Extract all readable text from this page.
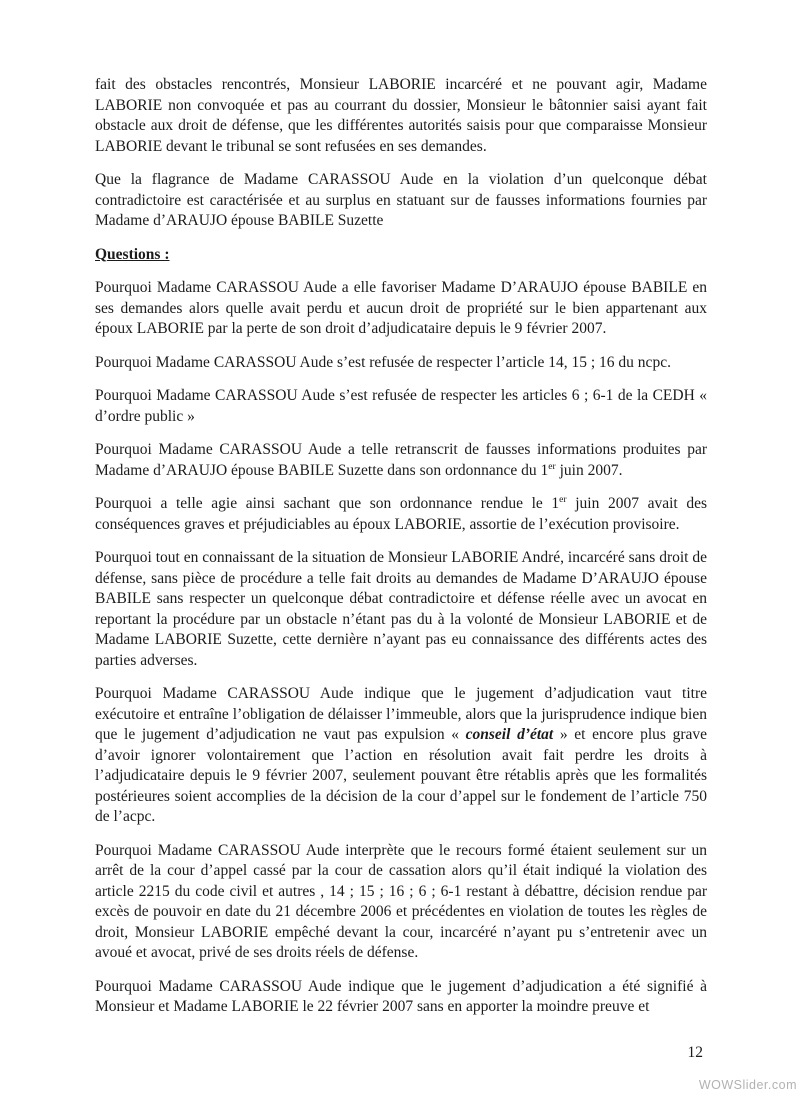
fait des obstacles rencontrés, Monsieur LABORIE incarcéré et ne pouvant agir, Madame LABORIE non convoquée et pas au courrant du dossier, Monsieur le bâtonnier saisi ayant fait obstacle aux droit de défense, que les différentes autorités saisis pour que comparaisse Monsieur LABORIE devant le tribunal se sont refusées en ses demandes.

Que la flagrance de Madame CARASSOU Aude en la violation d’un quelconque débat contradictoire est caractérisée et au surplus en statuant sur de fausses informations fournies par Madame d’ARAUJO épouse BABILE Suzette

Questions :

Pourquoi Madame CARASSOU Aude a elle favoriser Madame D’ARAUJO épouse BABILE en ses demandes alors quelle avait perdu et aucun droit de propriété sur le bien appartenant aux époux LABORIE par la perte de son droit d’adjudicataire depuis le 9 février 2007.

Pourquoi Madame CARASSOU Aude s’est refusée de respecter l’article 14, 15 ; 16 du ncpc.

Pourquoi Madame CARASSOU Aude s’est refusée de respecter les articles 6 ; 6-1 de la CEDH « d’ordre public »

Pourquoi Madame CARASSOU Aude a telle retranscrit de fausses informations produites par Madame d’ARAUJO épouse BABILE Suzette dans son ordonnance du 1er juin 2007.

Pourquoi a telle agie ainsi sachant que son ordonnance rendue le 1er juin 2007 avait des conséquences graves et préjudiciables au époux LABORIE, assortie de l’exécution provisoire.

Pourquoi tout en connaissant de la situation de Monsieur LABORIE André, incarcéré sans droit de défense, sans pièce de procédure a telle fait droits au demandes de Madame D’ARAUJO épouse BABILE sans respecter un quelconque débat contradictoire et défense réelle avec un avocat en reportant la procédure par un obstacle n’étant pas du à la volonté de Monsieur LABORIE et de Madame LABORIE Suzette, cette dernière n’ayant pas eu connaissance des différents actes des parties adverses.

Pourquoi Madame CARASSOU Aude indique que le jugement d’adjudication vaut titre exécutoire et entraîne l’obligation de délaisser l’immeuble, alors que la jurisprudence indique bien que le jugement d’adjudication ne vaut pas expulsion « conseil d’état » et encore plus grave d’avoir ignorer volontairement que l’action en résolution avait fait perdre les droits à l’adjudicataire depuis le 9 février 2007, seulement pouvant être rétablis après que les formalités postérieures soient accomplies de la décision de la cour d’appel sur le fondement de l’article 750 de l’acpc.

Pourquoi Madame CARASSOU Aude interprète que le recours formé étaient seulement sur un arrêt de la cour d’appel cassé par la cour de cassation alors qu’il était indiqué la violation des article 2215 du code civil et autres , 14 ; 15 ; 16 ; 6 ; 6-1 restant à débattre, décision rendue par excès de pouvoir en date du 21 décembre 2006 et précédentes en violation de toutes les règles de droit, Monsieur LABORIE empêché devant la cour, incarcéré n’ayant pu s’entretenir avec un avoué et avocat, privé de ses droits réels de défense.

Pourquoi Madame CARASSOU Aude indique que le jugement d’adjudication a été signifié à Monsieur et Madame LABORIE le 22 février 2007 sans en apporter la moindre preuve et

12
WOWSlider.com
